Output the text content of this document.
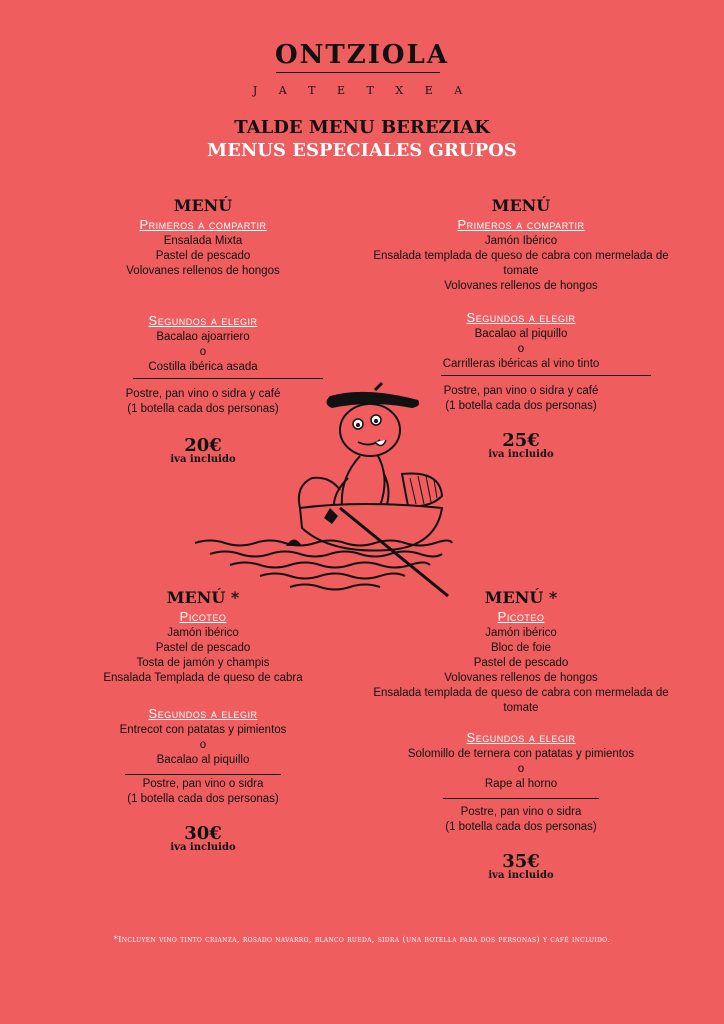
ONTZIOLA
J A T E T X E A
TALDE MENU BEREZIAK
MENUS ESPECIALES GRUPOS
MENÚ
Primeros a compartir
Ensalada Mixta
Pastel de pescado
Volovanes rellenos de hongos
Segundos a elegir
Bacalao ajoarriero
o
Costilla ibérica asada
Postre, pan vino o sidra y café
(1 botella cada dos personas)
20€
iva incluido
MENÚ
Primeros a compartir
Jamón Ibérico
Ensalada templada de queso de cabra con mermelada de
tomate
Volovanes rellenos de hongos
Segundos a elegir
Bacalao al piquillo
o
Carrilleras ibéricas al vino tinto
Postre, pan vino o sidra y café
(1 botella cada dos personas)
25€
iva incluido
MENÚ *
Picoteo
Jamón ibérico
Pastel de pescado
Tosta de jamón y champis
Ensalada Templada de queso de cabra
Segundos a elegir
Entrecot con patatas y pimientos
o
Bacalao al piquillo
Postre, pan vino o sidra
(1 botella cada dos personas)
30€
iva incluido
MENÚ *
Picoteo
Jamón ibérico
Bloc de foie
Pastel de pescado
Volovanes rellenos de hongos
Ensalada templada de queso de cabra con mermelada de
tomate
Segundos a elegir
Solomillo de ternera con patatas y pimientos
o
Rape al horno
Postre, pan vino o sidra
(1 botella cada dos personas)
35€
iva incluido
*Incluyen vino tinto crianza, rosado navarro, blanco rueda, sidra (una botella para dos personas) y café incluido.
